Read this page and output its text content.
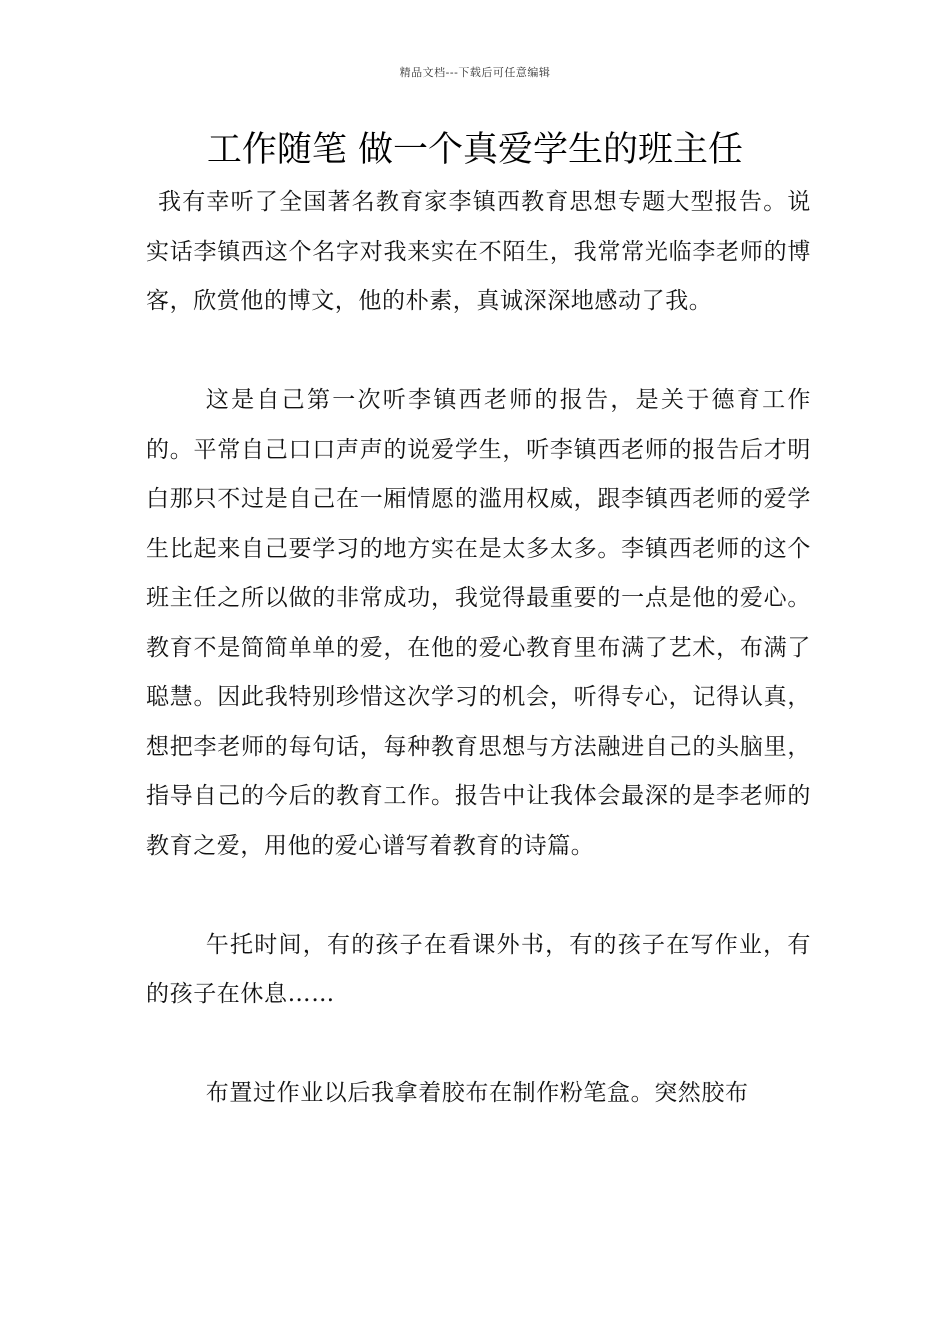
精品文档---下载后可任意编辑
工作随笔 做一个真爱学生的班主任

我有幸听了全国著名教育家李镇西教育思想专题大型报告。说实话李镇西这个名字对我来实在不陌生，我常常光临李老师的博客，欣赏他的博文，他的朴素，真诚深深地感动了我。

这是自己第一次听李镇西老师的报告，是关于德育工作的。平常自己口口声声的说爱学生，听李镇西老师的报告后才明白那只不过是自己在一厢情愿的滥用权威，跟李镇西老师的爱学生比起来自己要学习的地方实在是太多太多。李镇西老师的这个班主任之所以做的非常成功，我觉得最重要的一点是他的爱心。教育不是简简单单的爱，在他的爱心教育里布满了艺术，布满了聪慧。因此我特别珍惜这次学习的机会，听得专心，记得认真，想把李老师的每句话，每种教育思想与方法融进自己的头脑里，指导自己的今后的教育工作。报告中让我体会最深的是李老师的教育之爱，用他的爱心谱写着教育的诗篇。

午托时间，有的孩子在看课外书，有的孩子在写作业，有的孩子在休息……

布置过作业以后我拿着胶布在制作粉笔盒。突然胶布
